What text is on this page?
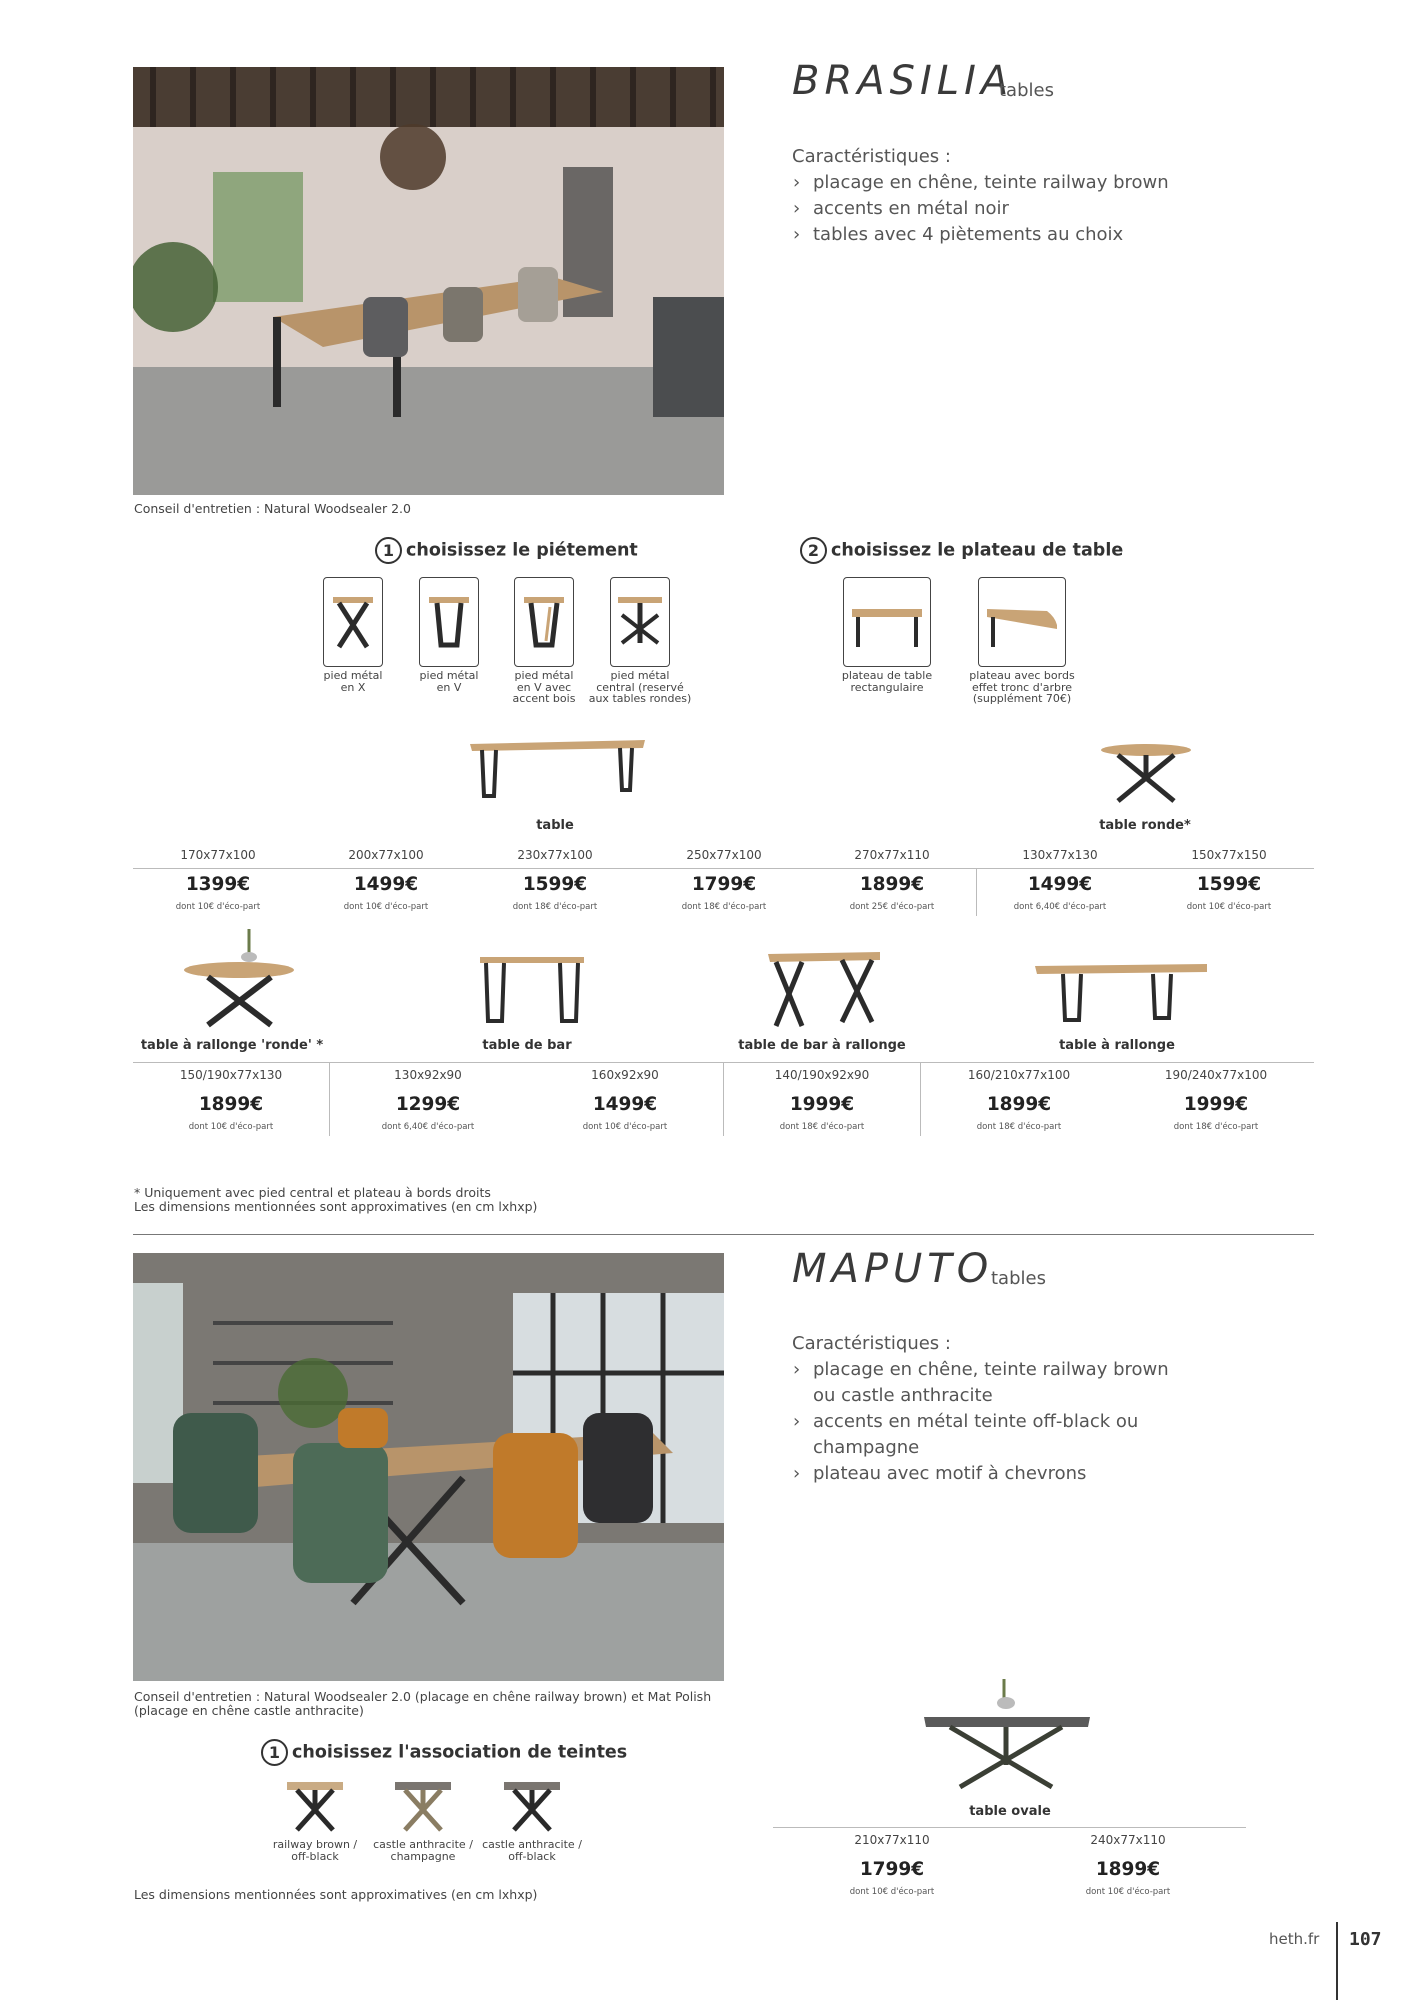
BRASILIA
tables
Caractéristiques :
› placage en chêne, teinte railway brown
› accents en métal noir
› tables avec 4 piètements au choix
Conseil d'entretien : Natural Woodsealer 2.0
1 choisissez le piétement	2 choisissez le plateau de table
pied métal
en X
pied métal
en V
pied métal
en V avec
accent bois
pied métal
central (reservé
aux tables rondes)
plateau de table
rectangulaire
plateau avec bords
effet tronc d'arbre
(supplément 70€)
table	table ronde*
170x77x100
1399€
dont 10€ d'éco-part
200x77x100
1499€
dont 10€ d'éco-part
230x77x100
1599€
dont 18€ d'éco-part
250x77x100
1799€
dont 18€ d'éco-part
270x77x110
1899€
dont 25€ d'éco-part
130x77x130
1499€
dont 6,40€ d'éco-part
150x77x150
1599€
dont 10€ d'éco-part
table à rallonge 'ronde' *	table de bar	table de bar à rallonge	table à rallonge
150/190x77x130
1899€
dont 10€ d'éco-part
130x92x90
1299€
dont 6,40€ d'éco-part
160x92x90
1499€
dont 10€ d'éco-part
140/190x92x90
1999€
dont 18€ d'éco-part
160/210x77x100
1899€
dont 18€ d'éco-part
190/240x77x100
1999€
dont 18€ d'éco-part
* Uniquement avec pied central et plateau à bords droits
Les dimensions mentionnées sont approximatives (en cm lxhxp)
MAPUTO
tables
Caractéristiques :
› placage en chêne, teinte railway brown ou castle anthracite
› accents en métal teinte off-black ou champagne
› plateau avec motif à chevrons
Conseil d'entretien : Natural Woodsealer 2.0 (placage en chêne railway brown) et Mat Polish (placage en chêne castle anthracite)
1 choisissez l'association de teintes
railway brown /
off-black
castle anthracite /
champagne
castle anthracite /
off-black
Les dimensions mentionnées sont approximatives (en cm lxhxp)
table ovale
210x77x110
1799€
dont 10€ d'éco-part
240x77x110
1899€
dont 10€ d'éco-part
heth.fr 107
